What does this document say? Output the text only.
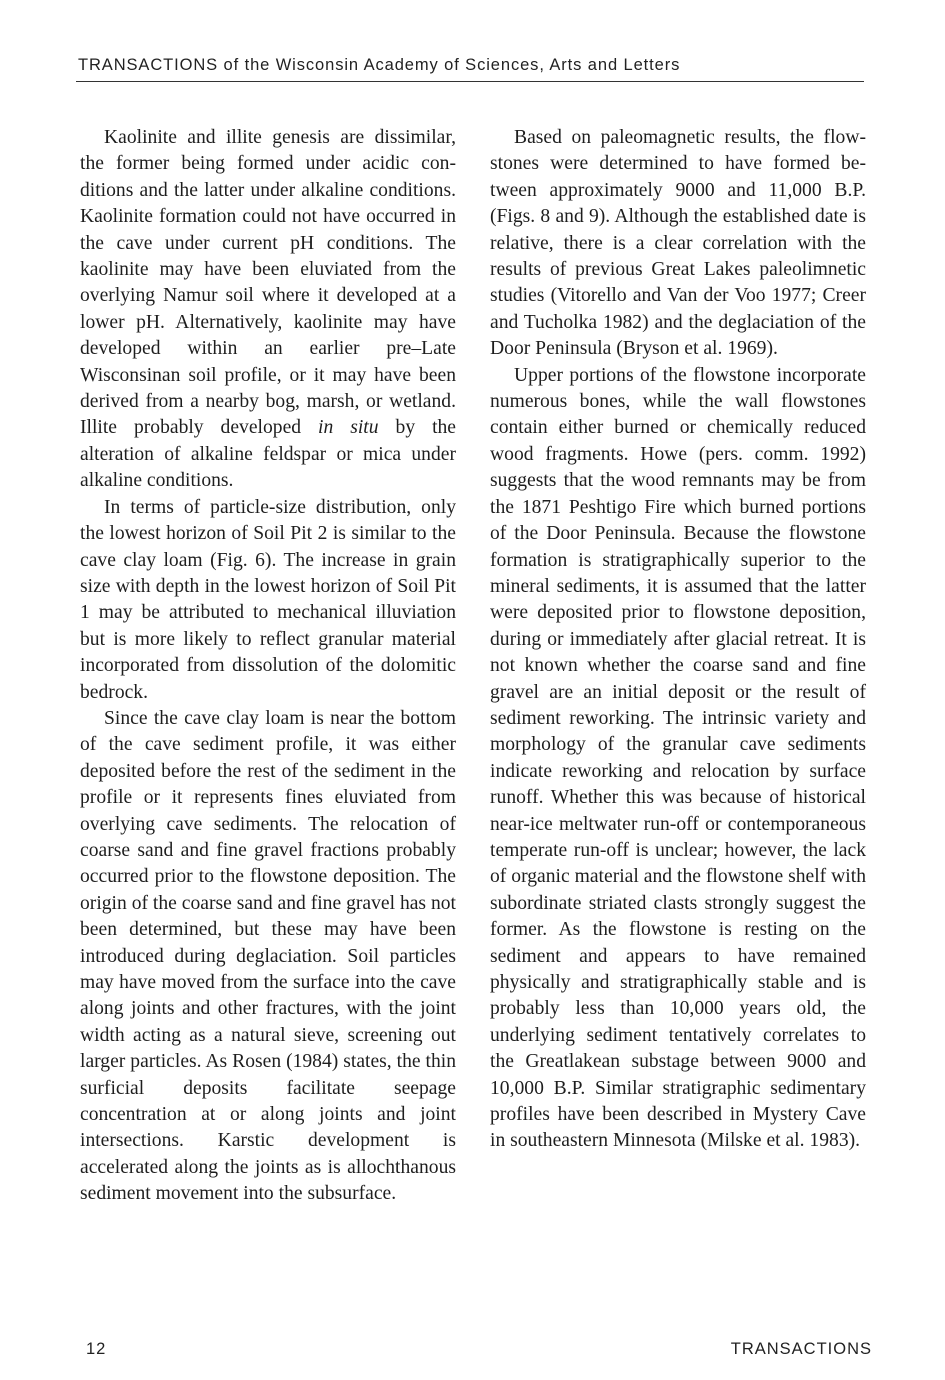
TRANSACTIONS of the Wisconsin Academy of Sciences, Arts and Letters

Kaolinite and illite genesis are dissimilar, the former being formed under acidic conditions and the latter under alkaline conditions. Kaolinite formation could not have occurred in the cave under current pH conditions. The kaolinite may have been eluviated from the overlying Namur soil where it developed at a lower pH. Alternatively, kaolinite may have developed within an earlier pre–Late Wisconsinan soil profile, or it may have been derived from a nearby bog, marsh, or wetland. Illite probably developed in situ by the alteration of alkaline feldspar or mica under alkaline conditions.

In terms of particle-size distribution, only the lowest horizon of Soil Pit 2 is similar to the cave clay loam (Fig. 6). The increase in grain size with depth in the lowest horizon of Soil Pit 1 may be attributed to mechanical illuviation but is more likely to reflect granular material incorporated from dissolution of the dolomitic bedrock.

Since the cave clay loam is near the bottom of the cave sediment profile, it was either deposited before the rest of the sediment in the profile or it represents fines eluviated from overlying cave sediments. The relocation of coarse sand and fine gravel fractions probably occurred prior to the flowstone deposition. The origin of the coarse sand and fine gravel has not been determined, but these may have been introduced during deglaciation. Soil particles may have moved from the surface into the cave along joints and other fractures, with the joint width acting as a natural sieve, screening out larger particles. As Rosen (1984) states, the thin surficial deposits facilitate seepage concentration at or along joints and joint intersections. Karstic development is accelerated along the joints as is allochthanous sediment movement into the subsurface.

Based on paleomagnetic results, the flowstones were determined to have formed between approximately 9000 and 11,000 B.P. (Figs. 8 and 9). Although the established date is relative, there is a clear correlation with the results of previous Great Lakes paleolimnetic studies (Vitorello and Van der Voo 1977; Creer and Tucholka 1982) and the deglaciation of the Door Peninsula (Bryson et al. 1969).

Upper portions of the flowstone incorporate numerous bones, while the wall flowstones contain either burned or chemically reduced wood fragments. Howe (pers. comm. 1992) suggests that the wood remnants may be from the 1871 Peshtigo Fire which burned portions of the Door Peninsula. Because the flowstone formation is stratigraphically superior to the mineral sediments, it is assumed that the latter were deposited prior to flowstone deposition, during or immediately after glacial retreat. It is not known whether the coarse sand and fine gravel are an initial deposit or the result of sediment reworking. The intrinsic variety and morphology of the granular cave sediments indicate reworking and relocation by surface runoff. Whether this was because of historical near-ice meltwater run-off or contemporaneous temperate run-off is unclear; however, the lack of organic material and the flowstone shelf with subordinate striated clasts strongly suggest the former. As the flowstone is resting on the sediment and appears to have remained physically and stratigraphically stable and is probably less than 10,000 years old, the underlying sediment tentatively correlates to the Greatlakean substage between 9000 and 10,000 B.P. Similar stratigraphic sedimentary profiles have been described in Mystery Cave in southeastern Minnesota (Milske et al. 1983).

12	TRANSACTIONS
